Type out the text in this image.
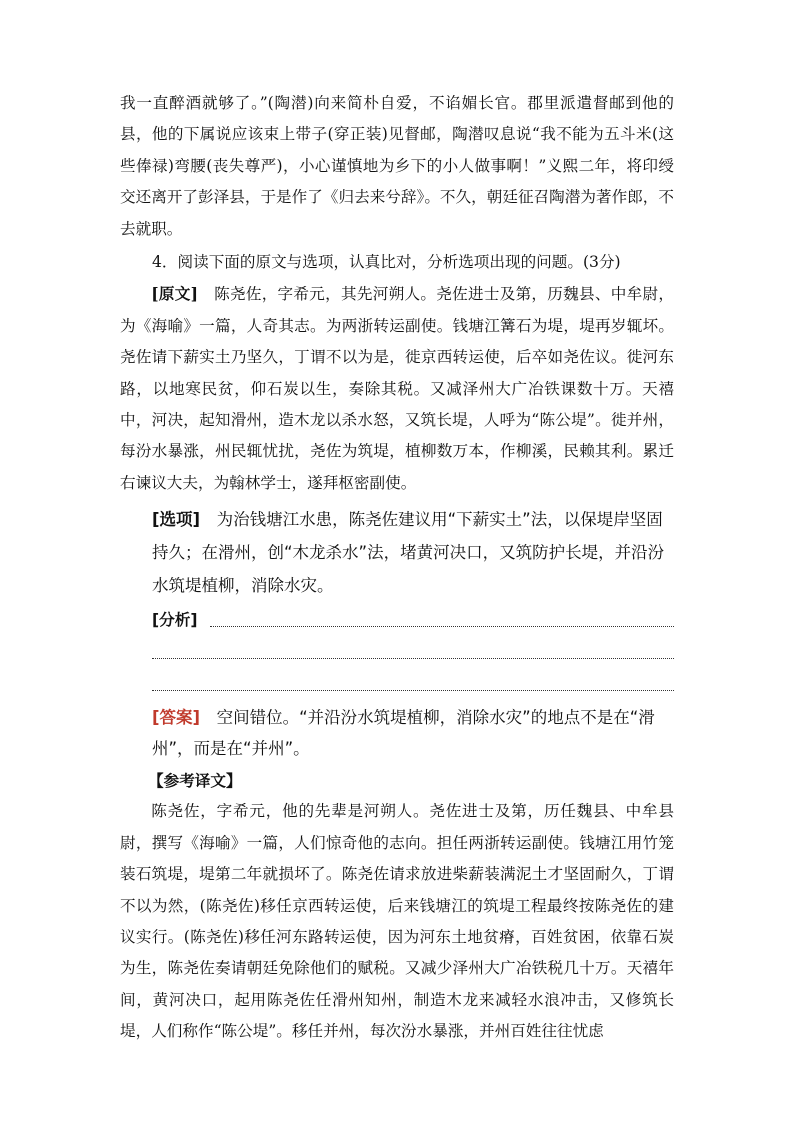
我一直醉酒就够了。”(陶潜)向来简朴自爱，不谄媚长官。郡里派遣督邮到他的县，他的下属说应该束上带子(穿正装)见督邮，陶潜叹息说“我不能为五斗米(这些俸禄)弯腰(丧失尊严)，小心谨慎地为乡下的小人做事啊！”义熙二年，将印绶交还离开了彭泽县，于是作了《归去来兮辞》。不久，朝廷征召陶潜为著作郎，不去就职。

4．阅读下面的原文与选项，认真比对，分析选项出现的问题。(3分)

[原文]　 陈尧佐，字希元，其先河朔人。尧佐进士及第，历魏县、中牟尉，为《海喻》一篇，人奇其志。为两浙转运副使。钱塘江篝石为堤，堤再岁辄坏。尧佐请下薪实土乃坚久，丁谓不以为是，徙京西转运使，后卒如尧佐议。徙河东路，以地寒民贫，仰石炭以生，奏除其税。又减泽州大广冶铁课数十万。天禧中，河决，起知滑州，造木龙以杀水怒，又筑长堤，人呼为“陈公堤”。徙并州，每汾水暴涨，州民辄忧扰，尧佐为筑堤，植柳数万本，作柳溪，民赖其利。累迁右谏议大夫，为翰林学士，遂拜枢密副使。

[选项]　 为治钱塘江水患，陈尧佐建议用“下薪实土”法，以保堤岸坚固持久；在滑州，创“木龙杀水”法，堵黄河决口，又筑防护长堤，并沿汾水筑堤植柳，消除水灾。

[分析]

[答案]　 空间错位。“并沿汾水筑堤植柳，消除水灾”的地点不是在“滑州”，而是在“并州”。

【参考译文】

陈尧佐，字希元，他的先辈是河朔人。尧佐进士及第，历任魏县、中牟县尉，撰写《海喻》一篇，人们惊奇他的志向。担任两浙转运副使。钱塘江用竹笼装石筑堤，堤第二年就损坏了。陈尧佐请求放进柴薪装满泥土才坚固耐久，丁谓不以为然，(陈尧佐)移任京西转运使，后来钱塘江的筑堤工程最终按陈尧佐的建议实行。(陈尧佐)移任河东路转运使，因为河东土地贫瘠，百姓贫困，依靠石炭为生，陈尧佐奏请朝廷免除他们的赋税。又减少泽州大广冶铁税几十万。天禧年间，黄河决口，起用陈尧佐任滑州知州，制造木龙来减轻水浪冲击，又修筑长堤，人们称作“陈公堤”。移任并州，每次汾水暴涨，并州百姓往往忧虑
